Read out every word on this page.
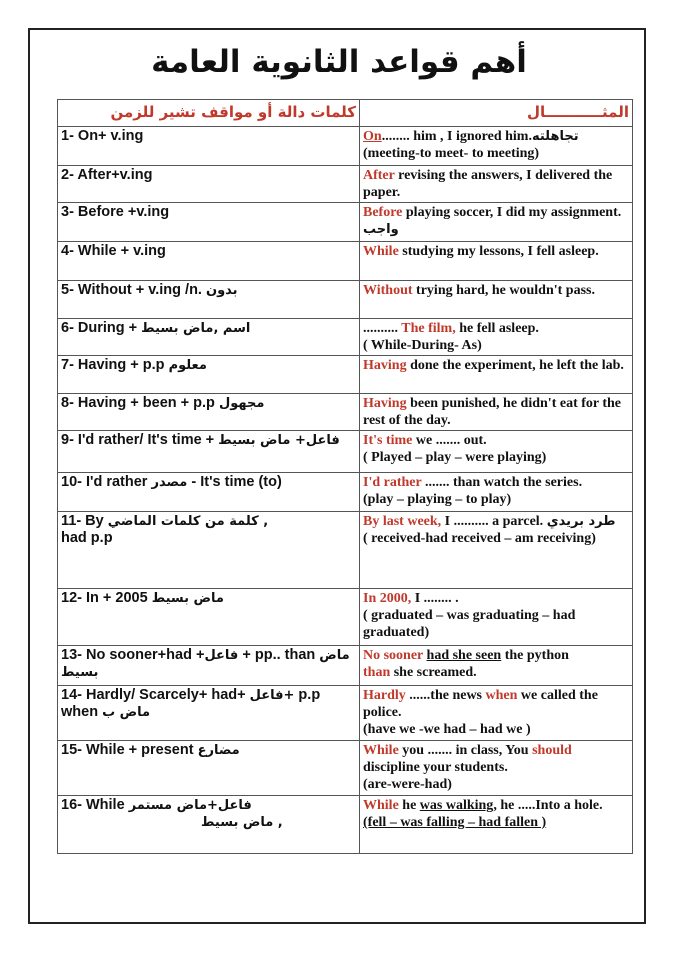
أهم قواعد الثانوية العامة
كلمات دالة أو مواقف تشير للزمن	المثـــــــــــال
1- On+ v.ing	On........ him , I ignored him.تجاهلته
(meeting-to meet- to meeting)

2- After+v.ing	After revising the answers, I delivered the paper.
3- Before +v.ing	Before playing soccer, I did my assignment. واجب
4- While + v.ing	While studying my lessons, I fell asleep.
5- Without + v.ing /n. بدون	Without trying hard, he wouldn't pass.
6- During + اسم ,ماض بسيط	.......... The film, he fell asleep.
( While-During- As)

7- Having + p.p معلوم	Having done the experiment, he left the lab.
8- Having + been + p.p مجهول	Having been punished, he didn't eat for the rest of the day.
9- I'd rather/ It's time + فاعل+ ماض بسيط	It's time we ....... out.
( Played – play – were playing)

10- I'd rather مصدر - It's time (to)	I'd rather ....... than watch the series.
(play – playing – to play)

11- By كلمة من كلمات الماضي ,
had p.p	By last week, I .......... a parcel. طرد بريدي
( received-had received – am receiving)

12- In + 2005 ماض بسيط	In 2000, I ........ .
( graduated – was graduating – had graduated)

13- No sooner+had +فاعل + pp.. than ماض بسيط	No sooner had she seen the python
than she screamed.

14- Hardly/ Scarcely+ had+ فاعل+ p.p when ماض ب	Hardly ......the news when we called the police.
(have we -we had – had we )

15- While + present مضارع	While you ....... in class, You should discipline your students.
(are-were-had)

16- While فاعل+ماض مستمر
ماض بسيط ,	While he was walking, he .....Into a hole.
(fell – was falling – had fallen )
